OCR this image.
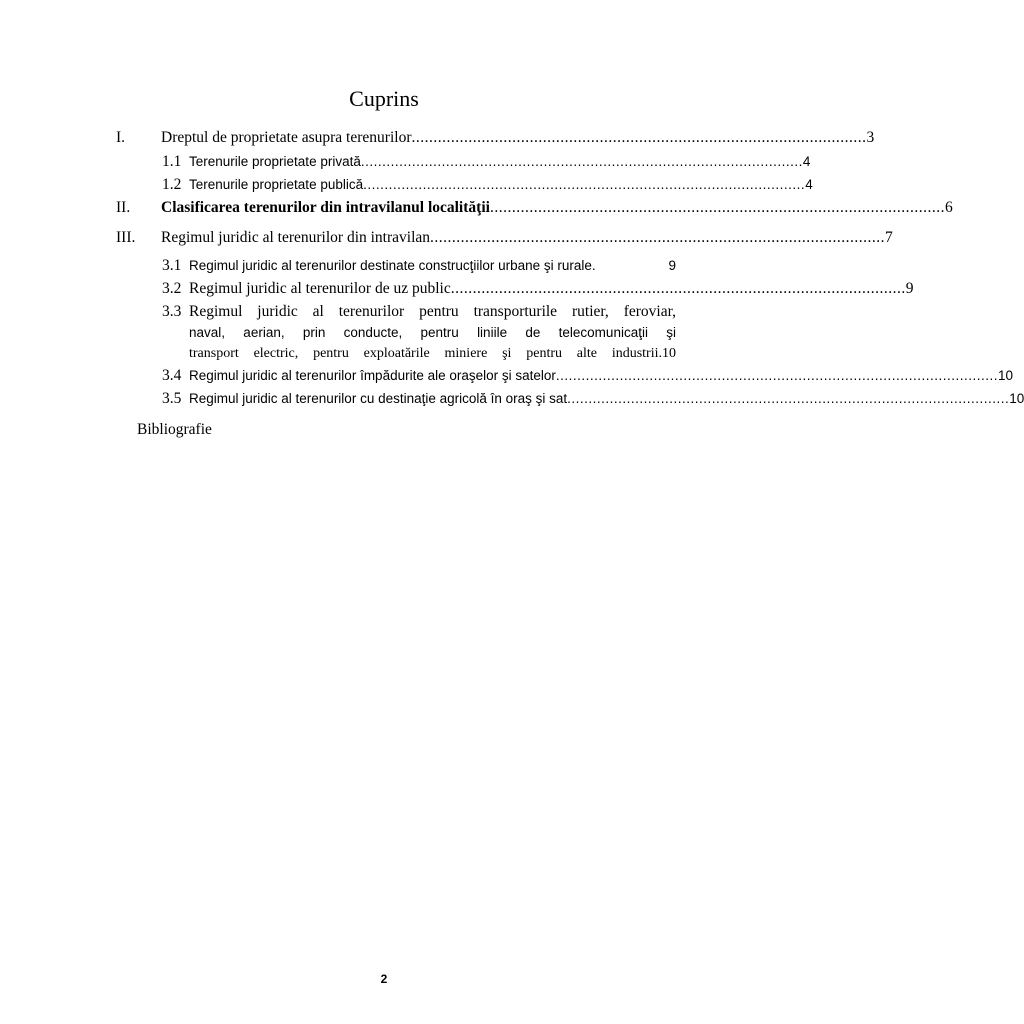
Cuprins
I. Dreptul de proprietate asupra terenurilor ........................................................................................................ 3
1.1 Terenurile proprietate privată ........................................................................................................ 4
1.2 Terenurile proprietate publică ........................................................................................................ 4
II. Clasificarea terenurilor din intravilanul localităţii ........................................................................................................ 6
III. Regimul juridic al terenurilor din intravilan ........................................................................................................ 7
3.1 Regimul juridic al terenurilor destinate construcţiilor urbane şi rurale.	9
3.2 Regimul juridic al terenurilor de uz public ........................................................................................................ 9
3.3 Regimul juridic al terenurilor pentru transporturile rutier, feroviar,
naval, aerian, prin conducte, pentru liniile de telecomunicaţii şi
transport electric, pentru exploatările miniere şi pentru alte industrii.10
3.4 Regimul juridic al terenurilor împădurite ale oraşelor şi satelor ........................................................................................................ 10
3.5 Regimul juridic al terenurilor cu destinaţie agricolă în oraş şi sat ........................................................................................................ 10
Bibliografie
2
